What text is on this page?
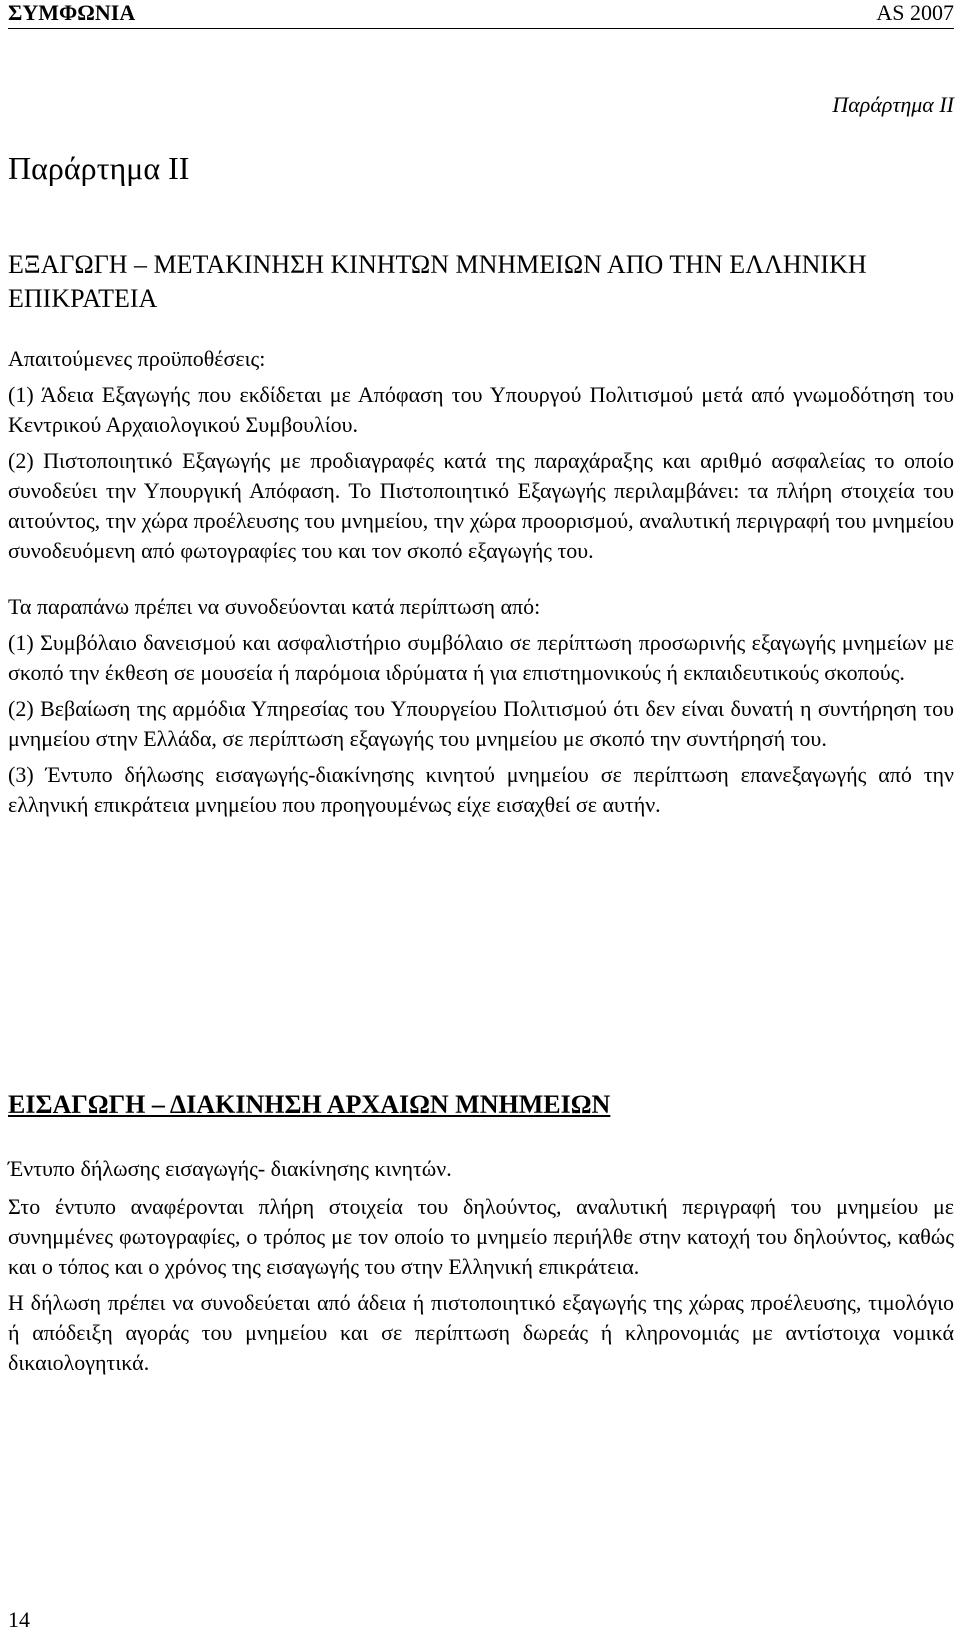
ΣΥΜΦΩΝΙΑ	AS 2007
Παράρτημα II
Παράρτημα II
ΕΞΑΓΩΓΗ – ΜΕΤΑΚΙΝΗΣΗ ΚΙΝΗΤΩΝ ΜΝΗΜΕΙΩΝ ΑΠΟ ΤΗΝ ΕΛΛΗΝΙΚΗ ΕΠΙΚΡΑΤΕΙΑ

Απαιτούμενες προϋποθέσεις:

(1) Άδεια Εξαγωγής που εκδίδεται με Απόφαση του Υπουργού Πολιτισμού μετά από γνωμοδότηση του Κεντρικού Αρχαιολογικού Συμβουλίου.

(2) Πιστοποιητικό Εξαγωγής με προδιαγραφές κατά της παραχάραξης και αριθμό ασφαλείας το οποίο συνοδεύει την Υπουργική Απόφαση. Το Πιστοποιητικό Εξαγωγής περιλαμβάνει: τα πλήρη στοιχεία του αιτούντος, την χώρα προέλευσης του μνημείου, την χώρα προορισμού, αναλυτική περιγραφή του μνημείου συνοδευόμενη από φωτογραφίες του και τον σκοπό εξαγωγής του.

Τα παραπάνω πρέπει να συνοδεύονται κατά περίπτωση από:

(1) Συμβόλαιο δανεισμού και ασφαλιστήριο συμβόλαιο σε περίπτωση προσωρινής εξαγωγής μνημείων με σκοπό την έκθεση σε μουσεία ή παρόμοια ιδρύματα ή για επιστημονικούς ή εκπαιδευτικούς σκοπούς.

(2) Βεβαίωση της αρμόδια Υπηρεσίας του Υπουργείου Πολιτισμού ότι δεν είναι δυνατή η συντήρηση του μνημείου στην Ελλάδα, σε περίπτωση εξαγωγής του μνημείου με σκοπό την συντήρησή του.

(3) Έντυπο δήλωσης εισαγωγής-διακίνησης κινητού μνημείου σε περίπτωση επανεξαγωγής από την ελληνική επικράτεια μνημείου που προηγουμένως είχε εισαχθεί σε αυτήν.

ΕΙΣΑΓΩΓΗ – ΔΙΑΚΙΝΗΣΗ ΑΡΧΑΙΩΝ ΜΝΗΜΕΙΩΝ

Έντυπο δήλωσης εισαγωγής- διακίνησης κινητών.

Στο έντυπο αναφέρονται πλήρη στοιχεία του δηλούντος, αναλυτική περιγραφή του μνημείου με συνημμένες φωτογραφίες, ο τρόπος με τον οποίο το μνημείο περιήλθε στην κατοχή του δηλούντος, καθώς και ο τόπος και ο χρόνος της εισαγωγής του στην Ελληνική επικράτεια.

Η δήλωση πρέπει να συνοδεύεται από άδεια ή πιστοποιητικό εξαγωγής της χώρας προέλευσης, τιμολόγιο ή απόδειξη αγοράς του μνημείου και σε περίπτωση δωρεάς ή κληρονομιάς με αντίστοιχα νομικά δικαιολογητικά.

14
